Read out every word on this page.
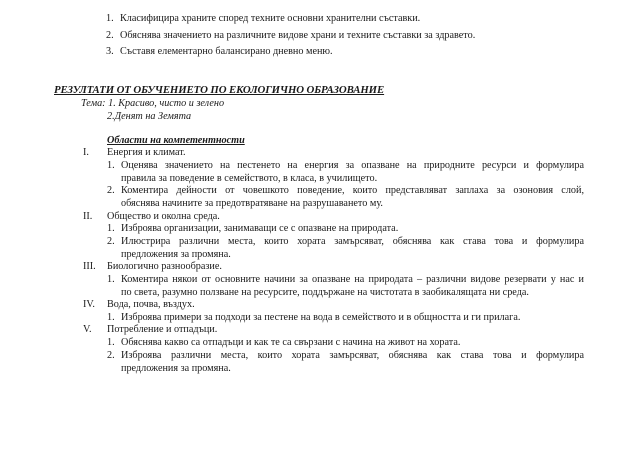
1. Класифицира храните според техните основни хранителни съставки.
2. Обяснява значението на различните видове храни и техните съставки за здравето.
3. Съставя елементарно балансирано дневно меню.
РЕЗУЛТАТИ ОТ ОБУЧЕНИЕТО ПО ЕКОЛОГИЧНО ОБРАЗОВАНИЕ
Тема: 1. Красиво, чисто и зелено
2.Денят на Земята
Области на компетентности
I. Енергия и климат.
1. Оценява значението на пестенето на енергия за опазване на природните ресурси и формулира
правила за поведение в семейството, в класа, в училището.
2. Коментира дейности от човешкото поведение, които представляват заплаха за озоновия слой,
обяснява начините за предотвратяване на разрушаването му.
II. Общество и околна среда.
1. Изброява организации, занимаващи се с опазване на природата.
2. Илюстрира различни места, които хората замърсяват, обяснява как става това и формулира
предложения за промяна.
III. Биологично разнообразие.
1. Коментира някои от основните начини за опазване на природата – различни видове резервати у нас и
по света, разумно ползване на ресурсите, поддържане на чистотата в заобикалящата ни среда.
IV. Вода, почва, въздух.
1. Изброява примери за подходи за пестене на вода в семейството и в общността и ги прилага.
V. Потребление и отпадъци.
1. Обяснява какво са отпадъци и как те са свързани с начина на живот на хората.
2. Изброява различни места, които хората замърсяват, обяснява как става това и формулира
предложения за промяна.
